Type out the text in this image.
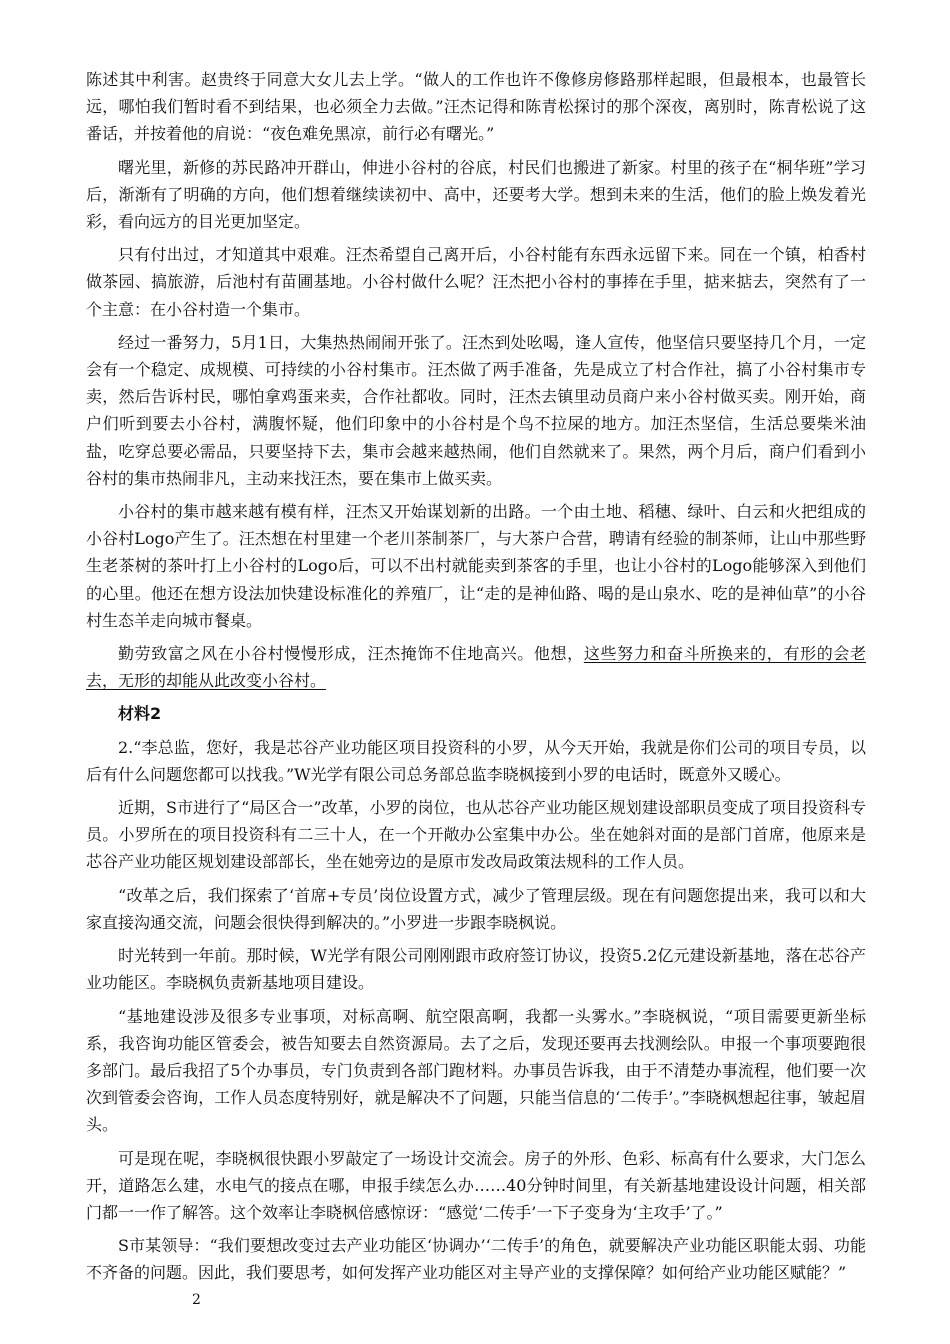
陈述其中利害。赵贵终于同意大女儿去上学。“做人的工作也许不像修房修路那样起眼，但最根本，也最管长远，哪怕我们暂时看不到结果，也必须全力去做。”汪杰记得和陈青松探讨的那个深夜，离别时，陈青松说了这番话，并按着他的肩说：“夜色难免黑凉，前行必有曙光。”

曙光里，新修的苏民路冲开群山，伸进小谷村的谷底，村民们也搬进了新家。村里的孩子在“桐华班”学习后，渐渐有了明确的方向，他们想着继续读初中、高中，还要考大学。想到未来的生活，他们的脸上焕发着光彩，看向远方的目光更加坚定。

只有付出过，才知道其中艰难。汪杰希望自己离开后，小谷村能有东西永远留下来。同在一个镇，柏香村做茶园、搞旅游，后池村有苗圃基地。小谷村做什么呢？汪杰把小谷村的事捧在手里，掂来掂去，突然有了一个主意：在小谷村造一个集市。

经过一番努力，5月1日，大集热热闹闹开张了。汪杰到处吆喝，逢人宣传，他坚信只要坚持几个月，一定会有一个稳定、成规模、可持续的小谷村集市。汪杰做了两手准备，先是成立了村合作社，搞了小谷村集市专卖，然后告诉村民，哪怕拿鸡蛋来卖，合作社都收。同时，汪杰去镇里动员商户来小谷村做买卖。刚开始，商户们听到要去小谷村，满腹怀疑，他们印象中的小谷村是个鸟不拉屎的地方。加汪杰坚信，生活总要柴米油盐，吃穿总要必需品，只要坚持下去，集市会越来越热闹，他们自然就来了。果然，两个月后，商户们看到小谷村的集市热闹非凡，主动来找汪杰，要在集市上做买卖。

小谷村的集市越来越有模有样，汪杰又开始谋划新的出路。一个由土地、稻穗、绿叶、白云和火把组成的小谷村Logo产生了。汪杰想在村里建一个老川茶制茶厂，与大茶户合营，聘请有经验的制茶师，让山中那些野生老茶树的茶叶打上小谷村的Logo后，可以不出村就能卖到茶客的手里，也让小谷村的Logo能够深入到他们的心里。他还在想方设法加快建设标准化的养殖厂，让“走的是神仙路、喝的是山泉水、吃的是神仙草”的小谷村生态羊走向城市餐桌。

勤劳致富之风在小谷村慢慢形成，汪杰掩饰不住地高兴。他想，这些努力和奋斗所换来的，有形的会老去，无形的却能从此改变小谷村。

材料2

2.“李总监，您好，我是芯谷产业功能区项目投资科的小罗，从今天开始，我就是你们公司的项目专员，以后有什么问题您都可以找我。”W光学有限公司总务部总监李晓枫接到小罗的电话时，既意外又暖心。

近期，S市进行了“局区合一”改革，小罗的岗位，也从芯谷产业功能区规划建设部职员变成了项目投资科专员。小罗所在的项目投资科有二三十人，在一个开敞办公室集中办公。坐在她斜对面的是部门首席，他原来是芯谷产业功能区规划建设部部长，坐在她旁边的是原市发改局政策法规科的工作人员。

“改革之后，我们探索了‘首席+专员’岗位设置方式，减少了管理层级。现在有问题您提出来，我可以和大家直接沟通交流，问题会很快得到解决的。”小罗进一步跟李晓枫说。

时光转到一年前。那时候，W光学有限公司刚刚跟市政府签订协议，投资5.2亿元建设新基地，落在芯谷产业功能区。李晓枫负责新基地项目建设。

“基地建设涉及很多专业事项，对标高啊、航空限高啊，我都一头雾水。”李晓枫说，“项目需要更新坐标系，我咨询功能区管委会，被告知要去自然资源局。去了之后，发现还要再去找测绘队。申报一个事项要跑很多部门。最后我招了5个办事员，专门负责到各部门跑材料。办事员告诉我，由于不清楚办事流程，他们要一次次到管委会咨询，工作人员态度特别好，就是解决不了问题，只能当信息的‘二传手’。”李晓枫想起往事，皱起眉头。

可是现在呢，李晓枫很快跟小罗敲定了一场设计交流会。房子的外形、色彩、标高有什么要求，大门怎么开，道路怎么建，水电气的接点在哪，申报手续怎么办……40分钟时间里，有关新基地建设设计问题，相关部门都一一作了解答。这个效率让李晓枫倍感惊讶：“感觉‘二传手’一下子变身为‘主攻手’了。”

S市某领导：“我们要想改变过去产业功能区‘协调办’‘二传手’的角色，就要解决产业功能区职能太弱、功能不齐备的问题。因此，我们要思考，如何发挥产业功能区对主导产业的支撑保障？如何给产业功能区赋能？”

2
